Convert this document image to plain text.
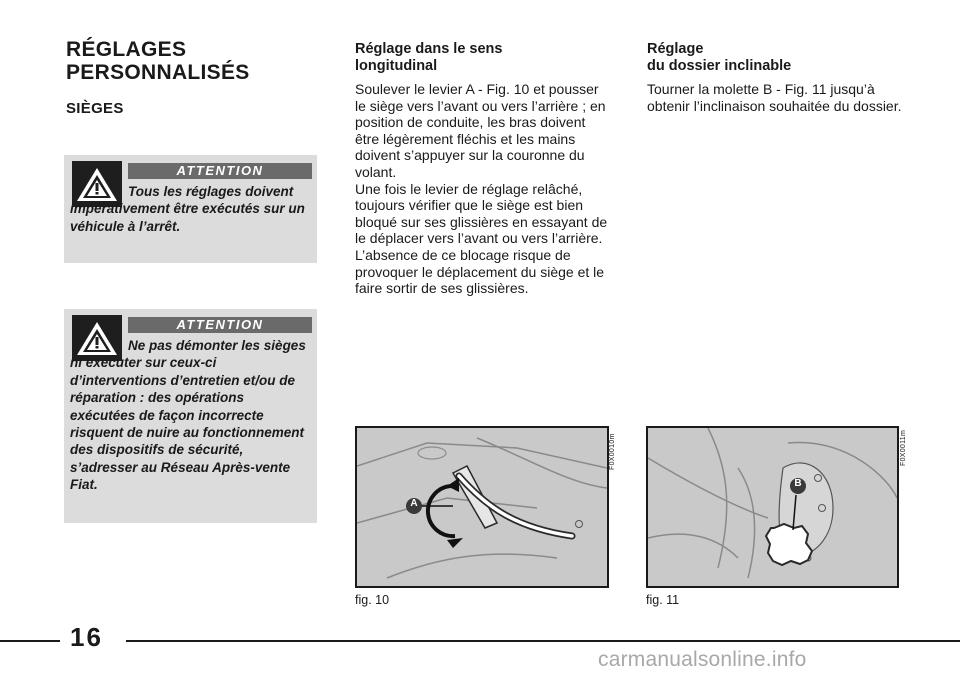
RÉGLAGES
PERSONNALISÉS
SIÈGES
ATTENTION
Tous les réglages doivent impérativement être exécutés sur un véhicule à l’arrêt.
ATTENTION
Ne pas démonter les sièges ni exécuter sur ceux-ci d’interventions d’entretien et/ou de réparation : des opérations exécutées de façon incorrecte risquent de nuire au fonctionnement des dispositifs de sécurité, s’adresser au Réseau Après-vente Fiat.
Réglage dans le sens
longitudinal

Soulever le levier A - Fig. 10 et pousser le siège vers l’avant ou vers l’arrière ; en position de conduite, les bras doivent être légèrement fléchis et les mains doivent s’appuyer sur la couronne du volant.

Une fois le levier de réglage relâché, toujours vérifier que le siège est bien bloqué sur ses glissières en essayant de le déplacer vers l’avant ou vers l’arrière. L’absence de ce blocage risque de provoquer le déplacement du siège et le faire sortir de ses glissières.

Réglage
du dossier inclinable

Tourner la molette B - Fig. 11 jusqu’à obtenir l’inclinaison souhaitée du dossier.

A
F0X0010m
fig. 10
B
F0X0011m
fig. 11
16
carmanualsonline.info
